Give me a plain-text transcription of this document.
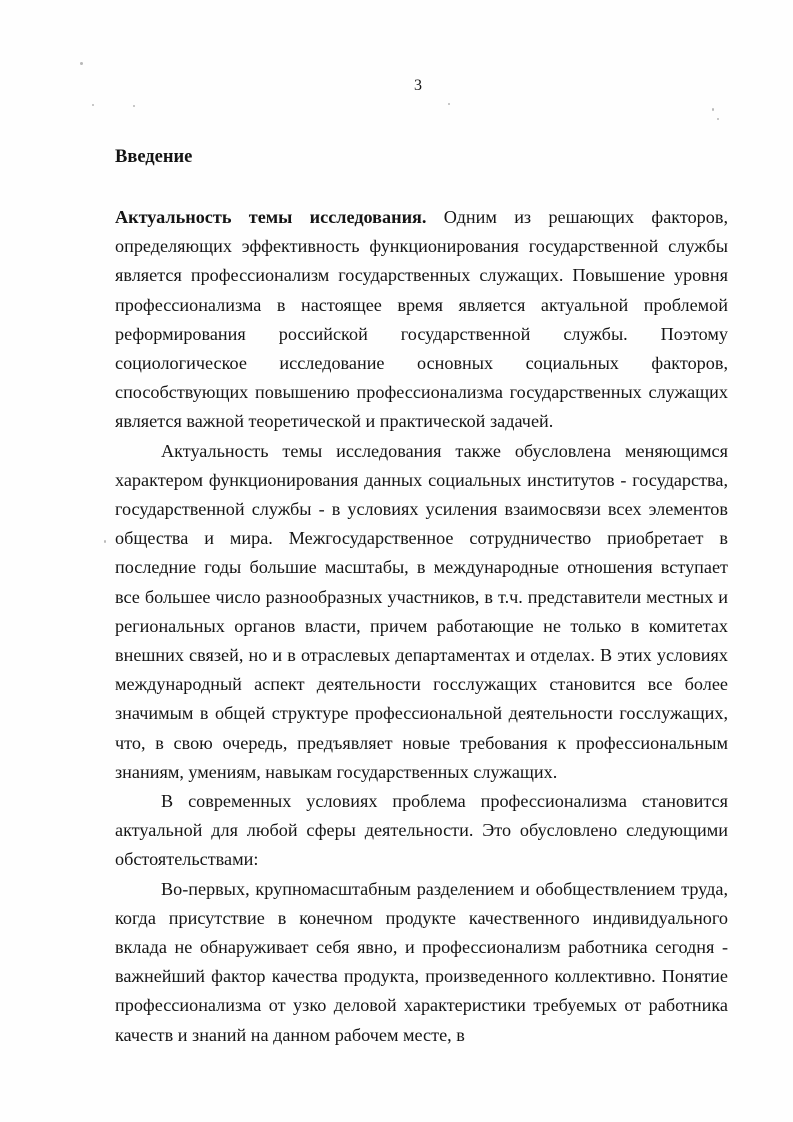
3
Введение

Актуальность темы исследования. Одним из решающих факторов, определяющих эффективность функционирования государственной службы является профессионализм государственных служащих. Повышение уровня профессионализма в настоящее время является актуальной проблемой реформирования российской государственной службы. Поэтому социологическое исследование основных социальных факторов, способствующих повышению профессионализма государственных служащих является важной теоретической и практической задачей.

Актуальность темы исследования также обусловлена меняющимся характером функционирования данных социальных институтов - государства, государственной службы - в условиях усиления взаимосвязи всех элементов общества и мира. Межгосударственное сотрудничество приобретает в последние годы большие масштабы, в международные отношения вступает все большее число разнообразных участников, в т.ч. представители местных и региональных органов власти, причем работающие не только в комитетах внешних связей, но и в отраслевых департаментах и отделах. В этих условиях международный аспект деятельности госслужащих становится все более значимым в общей структуре профессиональной деятельности госслужащих, что, в свою очередь, предъявляет новые требования к профессиональным знаниям, умениям, навыкам государственных служащих.

В современных условиях проблема профессионализма становится актуальной для любой сферы деятельности. Это обусловлено следующими обстоятельствами:

Во-первых, крупномасштабным разделением и обобществлением труда, когда присутствие в конечном продукте качественного индивидуального вклада не обнаруживает себя явно, и профессионализм работника сегодня - важнейший фактор качества продукта, произведенного коллективно. Понятие профессионализма от узко деловой характеристики требуемых от работника качеств и знаний на данном рабочем месте, в
